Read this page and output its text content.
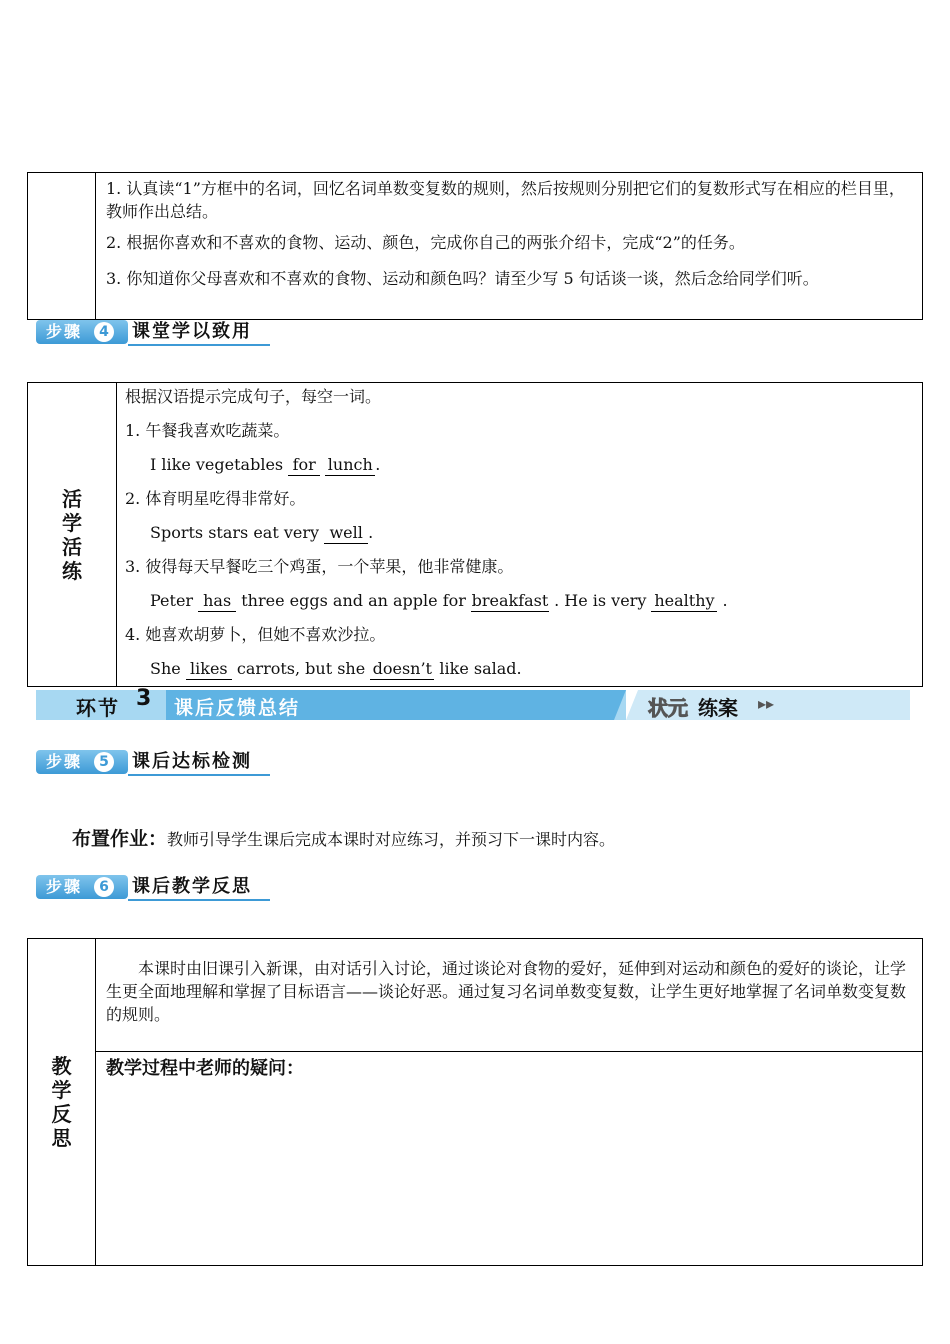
1. 认真读“1”方框中的名词，回忆名词单数变复数的规则，然后按规则分别把它们的复数形式写在相应的栏目里，教师作出总结。
2. 根据你喜欢和不喜欢的食物、运动、颜色，完成你自己的两张介绍卡，完成“2”的任务。
3. 你知道你父母喜欢和不喜欢的食物、运动和颜色吗？请至少写 5 句话谈一谈，然后念给同学们听。
步骤	4 课堂学以致用
活
学
活
练
根据汉语提示完成句子，每空一词。
1. 午餐我喜欢吃蔬菜。
I like vegetables for lunch .
2. 体育明星吃得非常好。
Sports stars eat very well .
3. 彼得每天早餐吃三个鸡蛋，一个苹果，他非常健康。
Peter has three eggs and an apple for breakfast . He is very healthy .
4. 她喜欢胡萝卜，但她不喜欢沙拉。
She likes carrots, but she doesn’t like salad.
环节 3 课后反馈总结	状元 练案 ▸▸
步骤	5 课后达标检测
布置作业：教师引导学生课后完成本课时对应练习，并预习下一课时内容。
步骤	6 课后教学反思
教
学
反
思
本课时由旧课引入新课，由对话引入讨论，通过谈论对食物的爱好，延伸到对运动和颜色的爱好的谈论，让学生更全面地理解和掌握了目标语言——谈论好恶。通过复习名词单数变复数，让学生更好地掌握了名词单数变复数的规则。
教学过程中老师的疑问：
